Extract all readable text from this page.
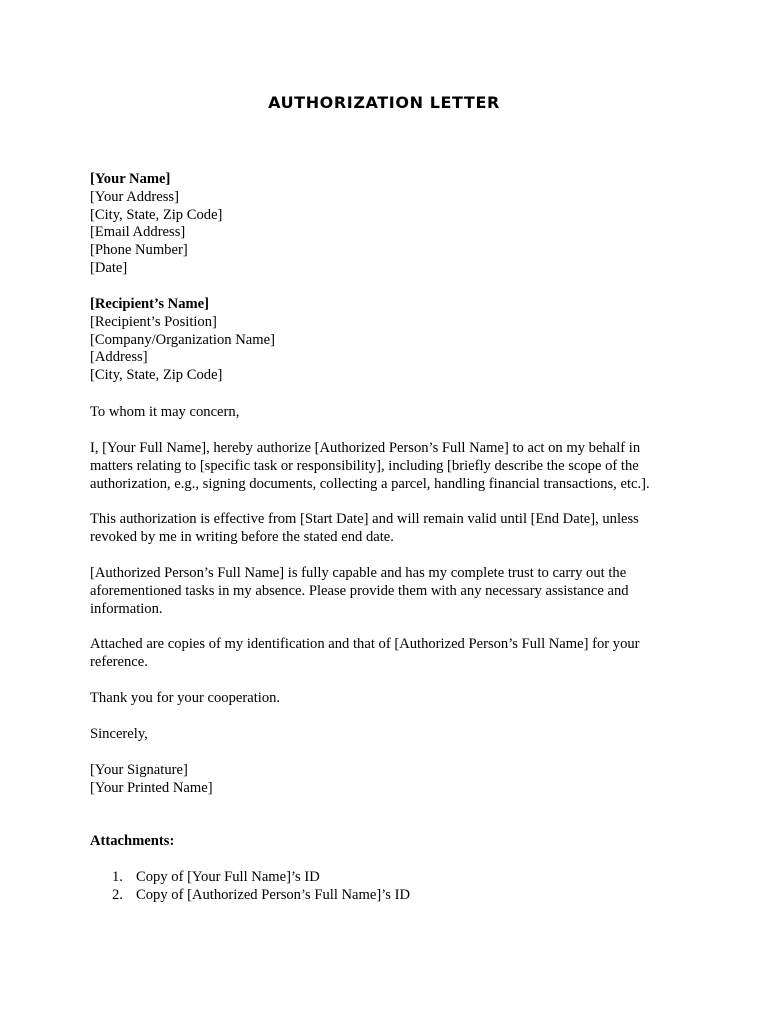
AUTHORIZATION LETTER
[Your Name]
[Your Address]
[City, State, Zip Code]
[Email Address]
[Phone Number]
[Date]
[Recipient’s Name]
[Recipient’s Position]
[Company/Organization Name]
[Address]
[City, State, Zip Code]
To whom it may concern,
I, [Your Full Name], hereby authorize [Authorized Person’s Full Name] to act on my behalf in
matters relating to [specific task or responsibility], including [briefly describe the scope of the
authorization, e.g., signing documents, collecting a parcel, handling financial transactions, etc.].
This authorization is effective from [Start Date] and will remain valid until [End Date], unless
revoked by me in writing before the stated end date.
[Authorized Person’s Full Name] is fully capable and has my complete trust to carry out the
aforementioned tasks in my absence. Please provide them with any necessary assistance and
information.
Attached are copies of my identification and that of [Authorized Person’s Full Name] for your
reference.
Thank you for your cooperation.
Sincerely,
[Your Signature]
[Your Printed Name]
Attachments:
1. Copy of [Your Full Name]’s ID
2. Copy of [Authorized Person’s Full Name]’s ID
